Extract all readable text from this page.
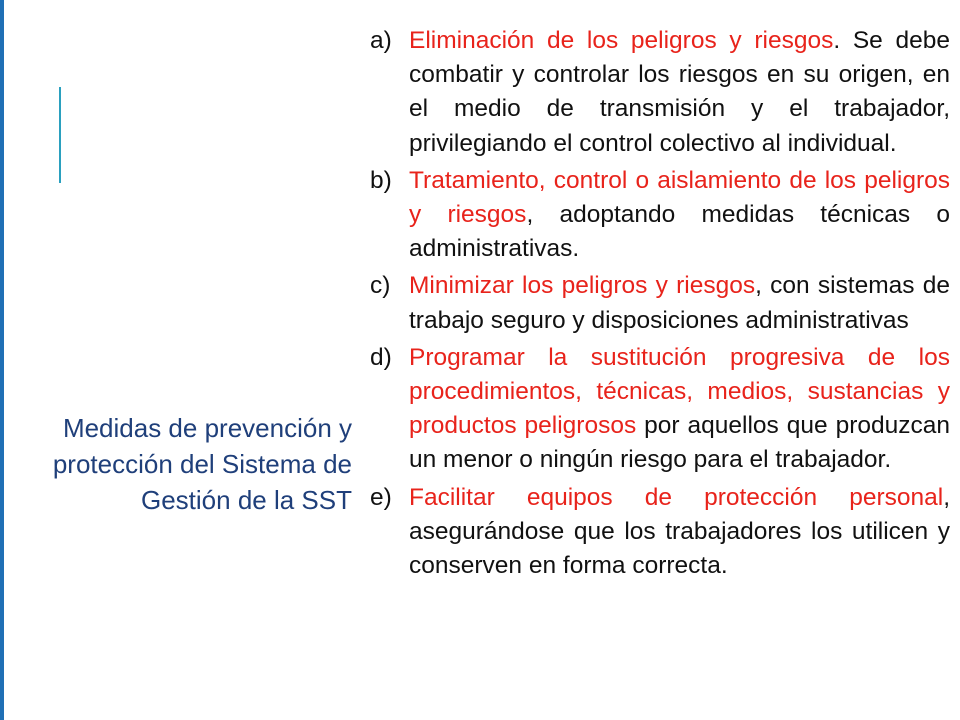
Medidas de prevención y protección del Sistema de Gestión de la SST
a) Eliminación de los peligros y riesgos. Se debe combatir y controlar los riesgos en su origen, en el medio de transmisión y el trabajador, privilegiando el control colectivo al individual.
b) Tratamiento, control o aislamiento de los peligros y riesgos, adoptando medidas técnicas o administrativas.
c) Minimizar los peligros y riesgos, con sistemas de trabajo seguro y disposiciones administrativas
d) Programar la sustitución progresiva de los procedimientos, técnicas, medios, sustancias y productos peligrosos por aquellos que produzcan un menor o ningún riesgo para el trabajador.
e) Facilitar equipos de protección personal, asegurándose que los trabajadores los utilicen y conserven en forma correcta.
